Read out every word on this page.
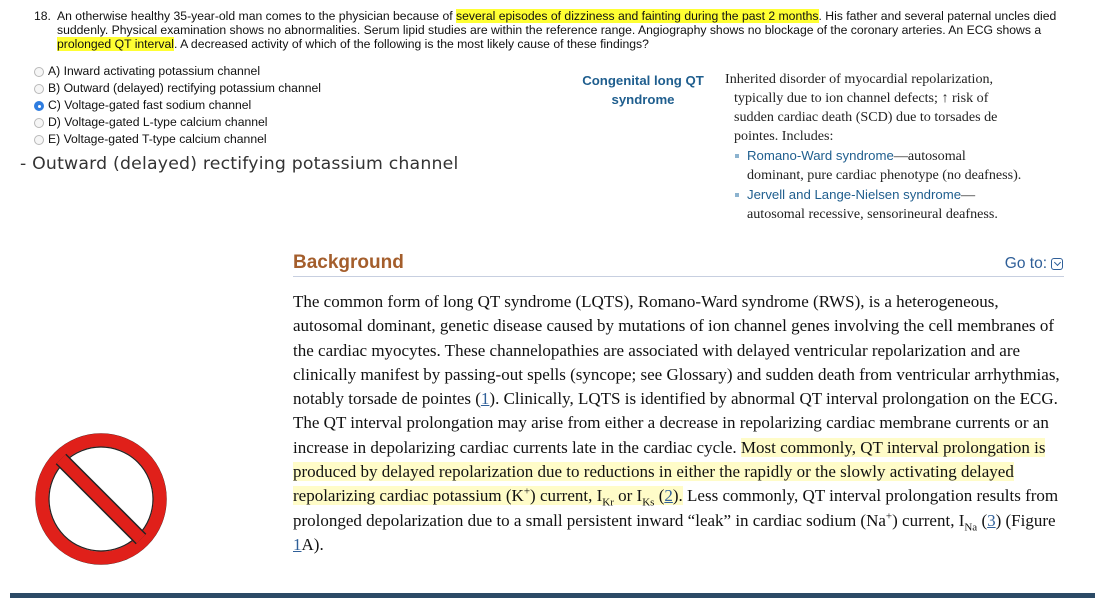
18. An otherwise healthy 35-year-old man comes to the physician because of several episodes of dizziness and fainting during the past 2 months. His father and several paternal uncles died suddenly. Physical examination shows no abnormalities. Serum lipid studies are within the reference range. Angiography shows no blockage of the coronary arteries. An ECG shows a prolonged QT interval. A decreased activity of which of the following is the most likely cause of these findings?
A)
Inward activating potassium channel
B)
Outward (delayed) rectifying potassium channel
C)
Voltage-gated fast sodium channel
D)
Voltage-gated L-type calcium channel
E)
Voltage-gated T-type calcium channel
- Outward (delayed) rectifying potassium channel
Congenital long QT
syndrome
Inherited disorder of myocardial repolarization, typically due to ion channel defects; ↑ risk of sudden cardiac death (SCD) due to torsades de pointes. Includes:
Romano-Ward syndrome—autosomal dominant, pure cardiac phenotype (no deafness).
Jervell and Lange-Nielsen syndrome— autosomal recessive, sensorineural deafness.
Background	Go to:
The common form of long QT syndrome (LQTS), Romano-Ward syndrome (RWS), is a heterogeneous, autosomal dominant, genetic disease caused by mutations of ion channel genes involving the cell membranes of the cardiac myocytes. These channelopathies are associated with delayed ventricular repolarization and are clinically manifest by passing-out spells (syncope; see Glossary) and sudden death from ventricular arrhythmias, notably torsade de pointes (1). Clinically, LQTS is identified by abnormal QT interval prolongation on the ECG. The QT interval prolongation may arise from either a decrease in repolarizing cardiac membrane currents or an increase in depolarizing cardiac currents late in the cardiac cycle. Most commonly, QT interval prolongation is produced by delayed repolarization due to reductions in either the rapidly or the slowly activating delayed repolarizing cardiac potassium (K+) current, $I_{Kr}$ or $I_{Ks}$ (2). Less commonly, QT interval prolongation results from prolonged depolarization due to a small persistent inward “leak” in cardiac sodium (Na+) current, $I_{Na}$ (3) (Figure 1A).
